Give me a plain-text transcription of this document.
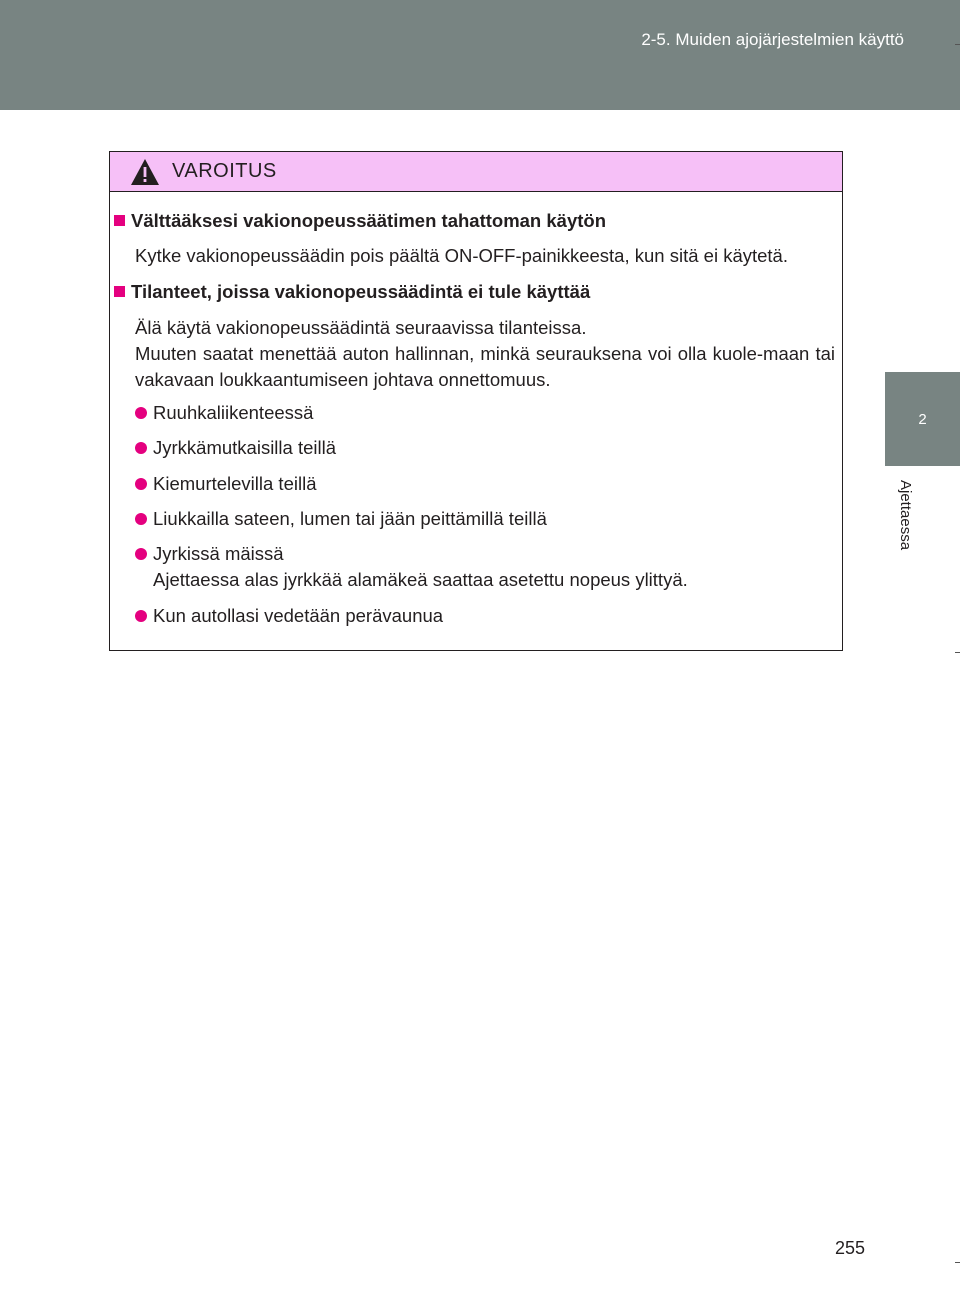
2-5. Muiden ajojärjestelmien käyttö
2
Ajettaessa
VAROITUS
Välttääksesi vakionopeussäätimen tahattoman käytön
Kytke vakionopeussäädin pois päältä ON-OFF-painikkeesta, kun sitä ei käytetä.
Tilanteet, joissa vakionopeussäädintä ei tule käyttää
Älä käytä vakionopeussäädintä seuraavissa tilanteissa.
Muuten saatat menettää auton hallinnan, minkä seurauksena voi olla kuole-maan tai vakavaan loukkaantumiseen johtava onnettomuus.
Ruuhkaliikenteessä
Jyrkkämutkaisilla teillä
Kiemurtelevilla teillä
Liukkailla sateen, lumen tai jään peittämillä teillä
Jyrkissä mäissä
Ajettaessa alas jyrkkää alamäkeä saattaa asetettu nopeus ylittyä.
Kun autollasi vedetään perävaunua
255
